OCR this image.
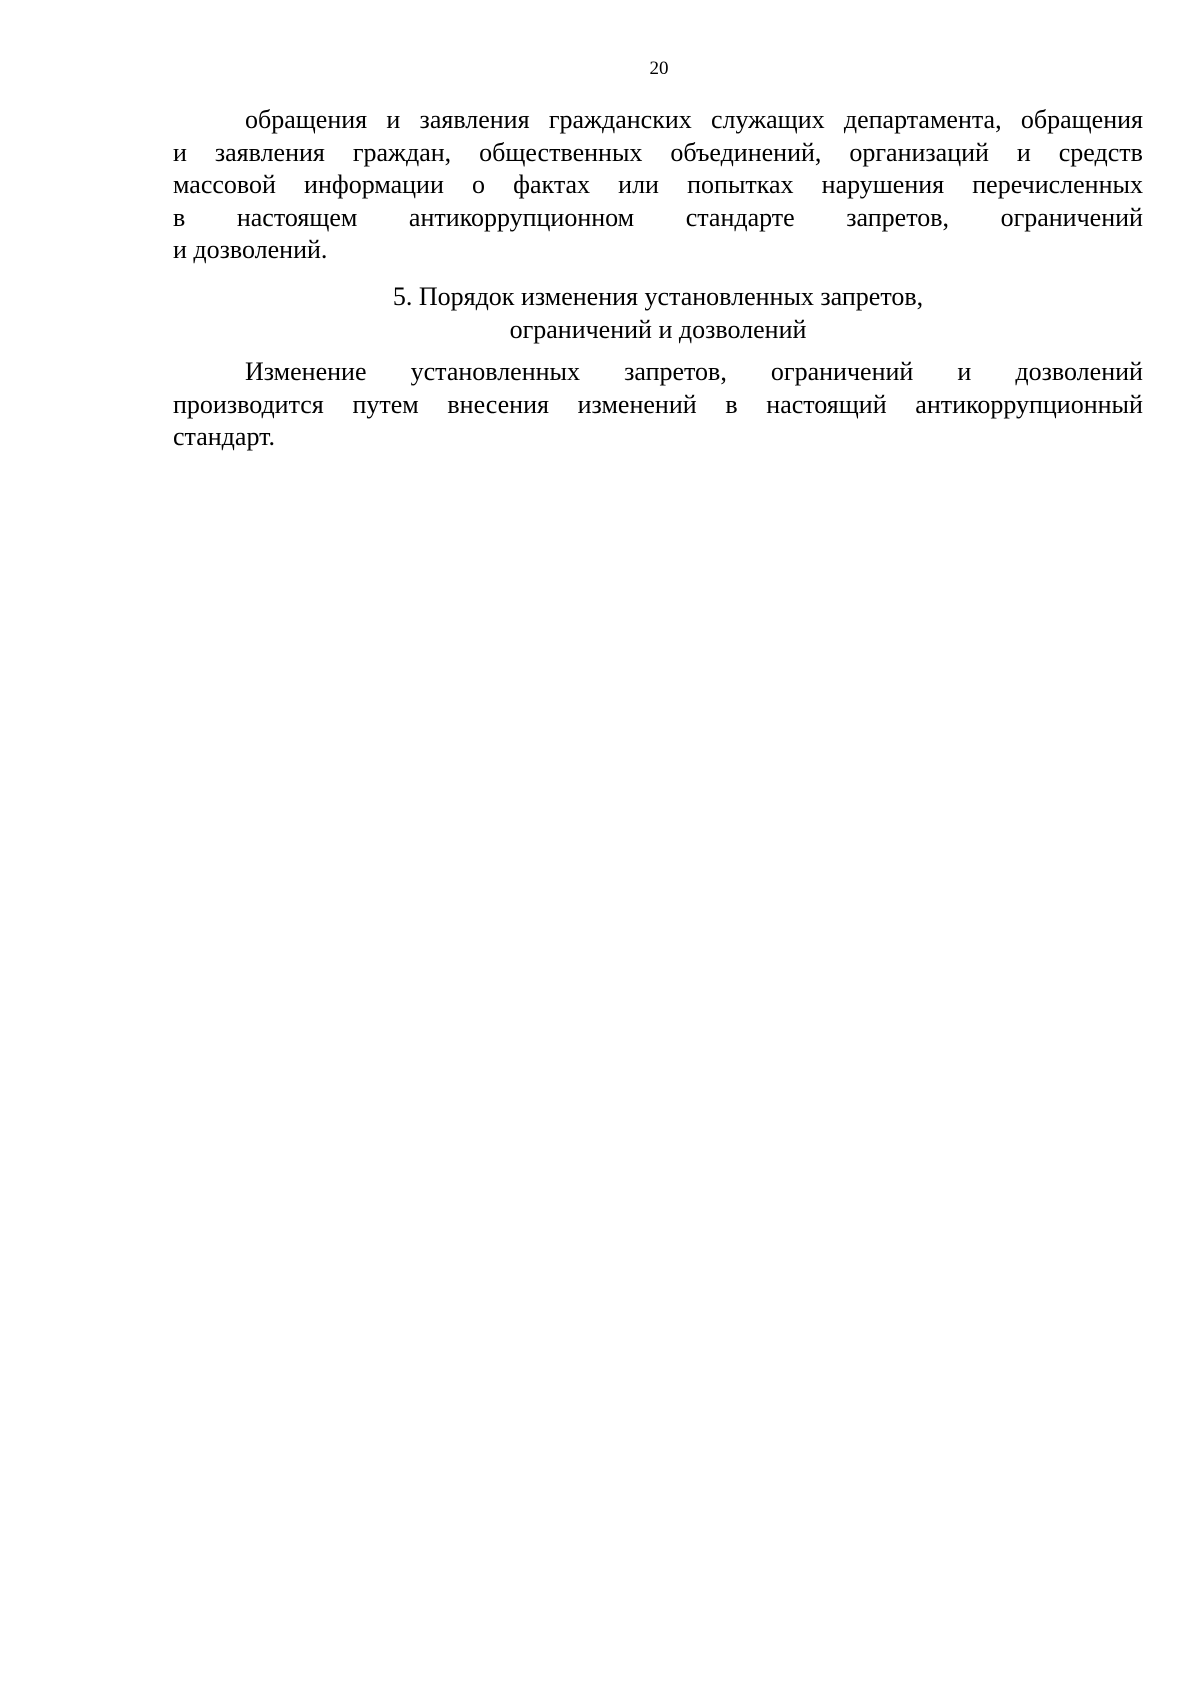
20
обращения и заявления гражданских служащих департамента, обращения
и заявления граждан, общественных объединений, организаций и средств
массовой информации о фактах или попытках нарушения перечисленных
в настоящем антикоррупционном стандарте запретов, ограничений
и дозволений.
5. Порядок изменения установленных запретов,
ограничений и дозволений
Изменение установленных запретов, ограничений и дозволений
производится путем внесения изменений в настоящий антикоррупционный
стандарт.
